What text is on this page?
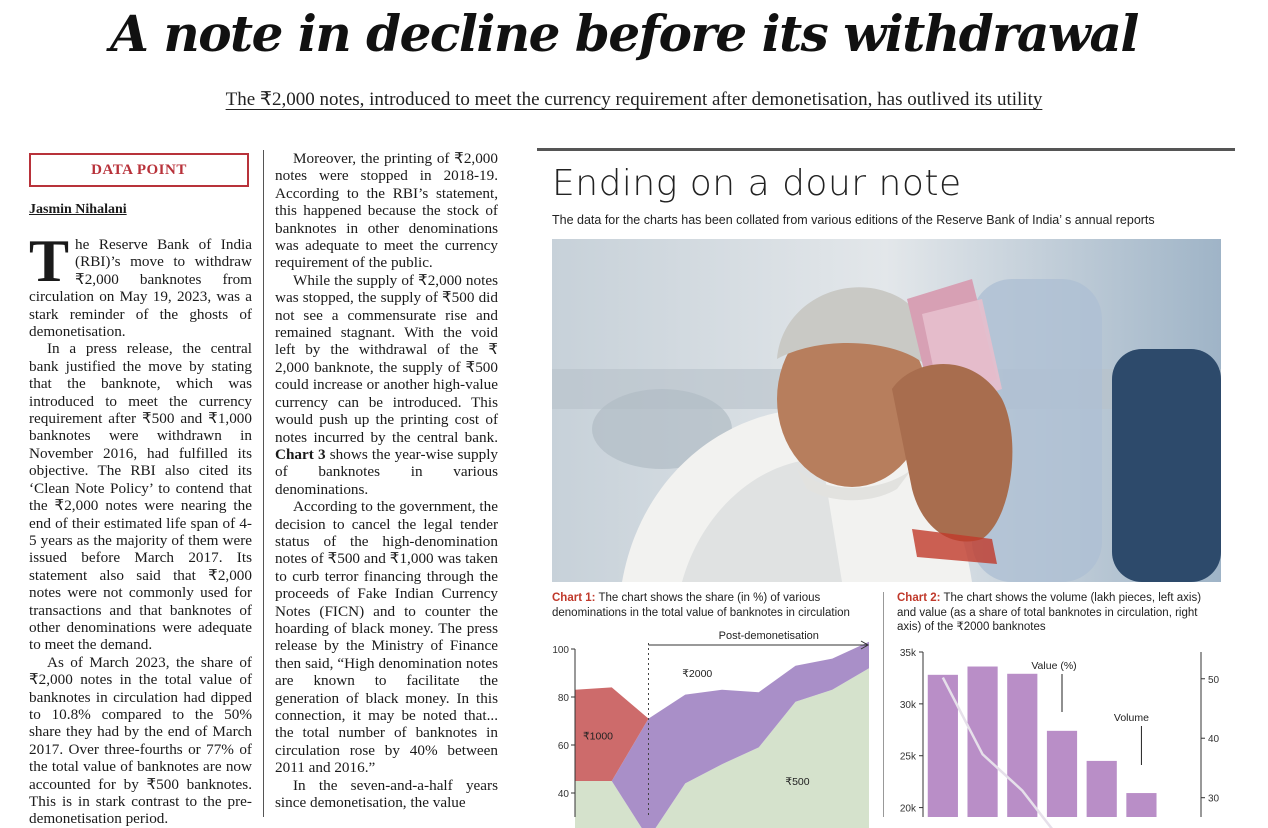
A note in decline before its withdrawal
The ₹2,000 notes, introduced to meet the currency requirement after demonetisation, has outlived its utility
DATA POINT
Jasmin Nihalani

The Reserve Bank of India (RBI)’s move to withdraw ₹2,000 banknotes from circulation on May 19, 2023, was a stark reminder of the ghosts of demonetisation.

In a press release, the central bank justified the move by stating that the banknote, which was introduced to meet the currency requirement after ₹500 and ₹1,000 banknotes were withdrawn in November 2016, had fulfilled its objective. The RBI also cited its ‘Clean Note Policy’ to contend that the ₹2,000 notes were nearing the end of their estimated life span of 4-5 years as the majority of them were issued before March 2017. Its statement also said that ₹2,000 notes were not commonly used for transactions and that banknotes of other denominations were adequate to meet the demand.

As of March 2023, the share of ₹2,000 notes in the total value of banknotes in circulation had dipped to 10.8% compared to the 50% share they had by the end of March 2017. Over three-fourths or 77% of the total value of banknotes are now accounted for by ₹500 banknotes. This is in stark contrast to the pre-demonetisation period.

Moreover, the printing of ₹2,000 notes were stopped in 2018-19. According to the RBI’s statement, this happened because the stock of banknotes in other denominations was adequate to meet the currency requirement of the public.

While the supply of ₹2,000 notes was stopped, the supply of ₹500 did not see a commensurate rise and remained stagnant. With the void left by the withdrawal of the ₹ 2,000 banknote, the supply of ₹500 could increase or another high-value currency can be introduced. This would push up the printing cost of notes incurred by the central bank. Chart 3 shows the year-wise supply of banknotes in various denominations.

According to the government, the decision to cancel the legal tender status of the high-denomination notes of ₹500 and ₹1,000 was taken to curb terror financing through the proceeds of Fake Indian Currency Notes (FICN) and to counter the hoarding of black money. The press release by the Ministry of Finance then said, “High denomination notes are known to facilitate the generation of black money. In this connection, it may be noted that... the total number of banknotes in circulation rose by 40% between 2011 and 2016.”

In the seven-and-a-half years since demonetisation, the value

Ending on a dour note
The data for the charts has been collated from various editions of the Reserve Bank of India’ s annual reports
Chart 1: The chart shows the share (in %) of various denominations in the total value of banknotes in circulation
Chart 2: The chart shows the volume (lakh pieces, left axis) and value (as a share of total banknotes in circulation, right axis) of the ₹2000 banknotes
100
80
60
40
Post-demonetisation
₹1000
₹2000
₹500
35k
30k
25k
20k
50
40
30
Value (%)
Volume
